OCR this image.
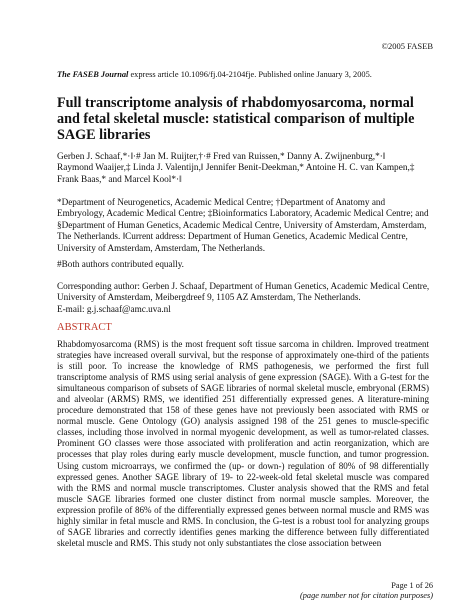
©2005 FASEB
The FASEB Journal express article 10.1096/fj.04-2104fje. Published online January 3, 2005.
Full transcriptome analysis of rhabdomyosarcoma, normal and fetal skeletal muscle: statistical comparison of multiple SAGE libraries
Gerben J. Schaaf,*·‖·# Jan M. Ruijter,†·# Fred van Ruissen,* Danny A. Zwijnenburg,*·‖
Raymond Waaijer,‡ Linda J. Valentijn,‖ Jennifer Benit-Deekman,* Antoine H. C. van Kampen,‡
Frank Baas,* and Marcel Kool*·‖
*Department of Neurogenetics, Academic Medical Centre; †Department of Anatomy and Embryology, Academic Medical Centre; ‡Bioinformatics Laboratory, Academic Medical Centre; and §Department of Human Genetics, Academic Medical Centre, University of Amsterdam, Amsterdam, The Netherlands. ‖Current address: Department of Human Genetics, Academic Medical Centre, University of Amsterdam, Amsterdam, The Netherlands.
#Both authors contributed equally.
Corresponding author: Gerben J. Schaaf, Department of Human Genetics, Academic Medical Centre, University of Amsterdam, Meibergdreef 9, 1105 AZ Amsterdam, The Netherlands.
E-mail: g.j.schaaf@amc.uva.nl
ABSTRACT
Rhabdomyosarcoma (RMS) is the most frequent soft tissue sarcoma in children. Improved treatment strategies have increased overall survival, but the response of approximately one-third of the patients is still poor. To increase the knowledge of RMS pathogenesis, we performed the first full transcriptome analysis of RMS using serial analysis of gene expression (SAGE). With a G-test for the simultaneous comparison of subsets of SAGE libraries of normal skeletal muscle, embryonal (ERMS) and alveolar (ARMS) RMS, we identified 251 differentially expressed genes. A literature-mining procedure demonstrated that 158 of these genes have not previously been associated with RMS or normal muscle. Gene Ontology (GO) analysis assigned 198 of the 251 genes to muscle-specific classes, including those involved in normal myogenic development, as well as tumor-related classes. Prominent GO classes were those associated with proliferation and actin reorganization, which are processes that play roles during early muscle development, muscle function, and tumor progression. Using custom microarrays, we confirmed the (up- or down-) regulation of 80% of 98 differentially expressed genes. Another SAGE library of 19- to 22-week-old fetal skeletal muscle was compared with the RMS and normal muscle transcriptomes. Cluster analysis showed that the RMS and fetal muscle SAGE libraries formed one cluster distinct from normal muscle samples. Moreover, the expression profile of 86% of the differentially expressed genes between normal muscle and RMS was highly similar in fetal muscle and RMS. In conclusion, the G-test is a robust tool for analyzing groups of SAGE libraries and correctly identifies genes marking the difference between fully differentiated skeletal muscle and RMS. This study not only substantiates the close association between
Page 1 of 26
(page number not for citation purposes)
